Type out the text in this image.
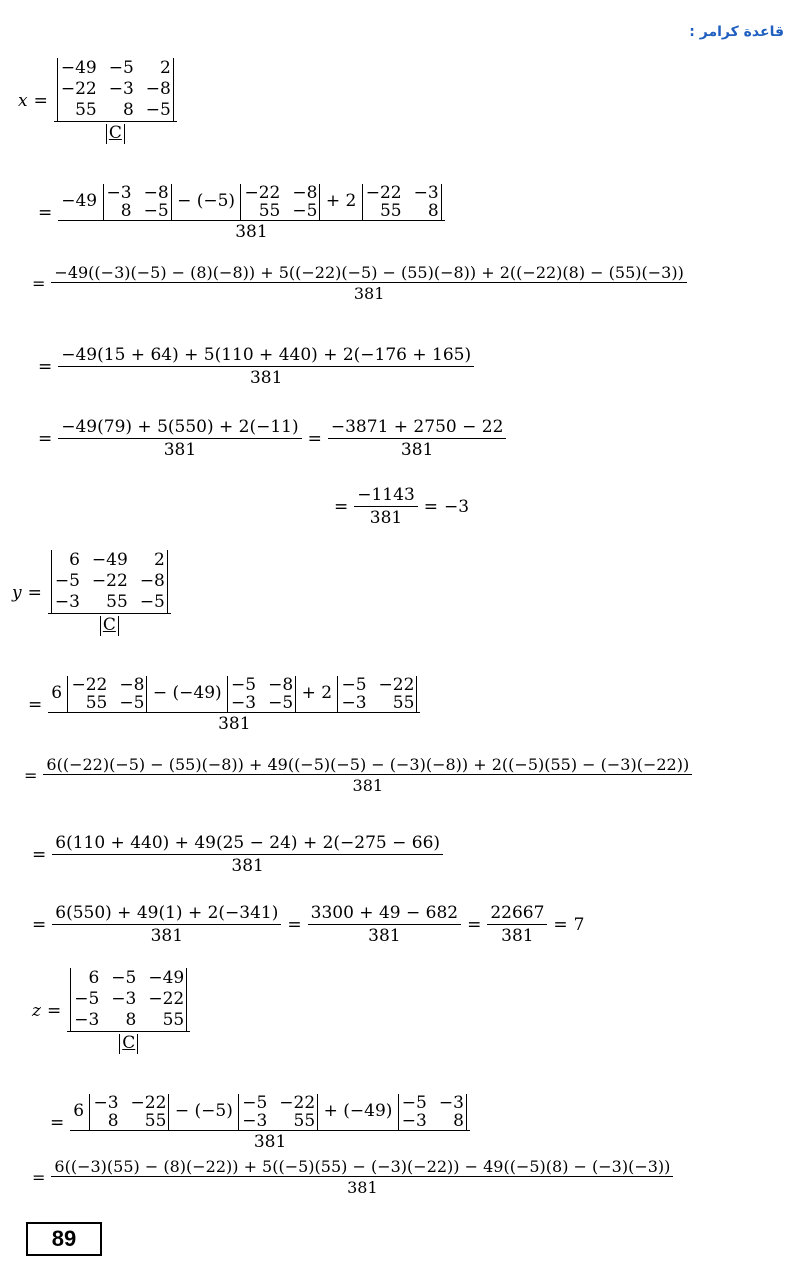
قاعدة كرامر :
x = −49	−5	2
−22	−3	−8
55	8	−5
C
=
−49
−3	−8
8	−5
−
(−5)
−22	−8
55	−5
+
2
−22	−3
55	8
381
=
−49((−3)(−5) − (8)(−8)) + 5((−22)(−5) − (55)(−8)) + 2((−22)(8) − (55)(−3))
381
= $\frac{-49(15 + 64) + 5(110 + 440) + 2(-176 + 165)}{381}$
= $\frac{-49(79) + 5(550) + 2(-11)}{381} = \frac{-3871 + 2750 - 22}{381}$
= $\frac{-1143}{381} = -3$
y = 6	−49	2
−5	−22	−8
−3	55	−5
C
=
6
−22	−8
55	−5
−
(−49)
−5	−8
−3	−5
+
2
−5	−22
−3	55
381
=
6((−22)(−5) − (55)(−8)) + 49((−5)(−5) − (−3)(−8)) + 2((−5)(55) − (−3)(−22))
381
= $\frac{6(110 + 440) + 49(25 - 24) + 2(-275 - 66)}{381}$
= $\frac{6(550) + 49(1) + 2(-341)}{381} = \frac{3300 + 49 - 682}{381} = \frac{22667}{381} = 7$
z = 6	−5	−49
−5	−3	−22
−3	8	55
C
=
6
−3	−22
8	55
−
(−5)
−5	−22
−3	55
+
(−49)
−5	−3
−3	8
381
=
6((−3)(55) − (8)(−22)) + 5((−5)(55) − (−3)(−22)) − 49((−5)(8) − (−3)(−3))
381
89
